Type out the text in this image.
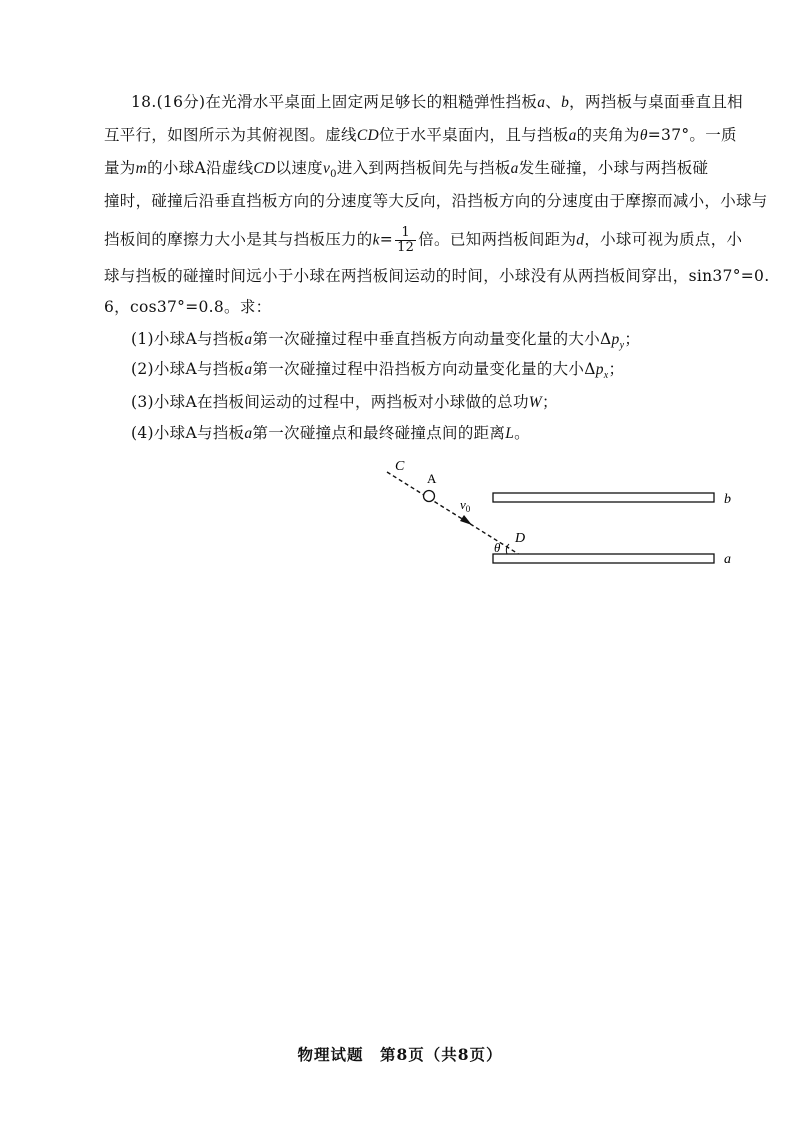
18.(16分)在光滑水平桌面上固定两足够长的粗糙弹性挡板a、b，两挡板与桌面垂直且相
互平行，如图所示为其俯视图。虚线CD位于水平桌面内，且与挡板a的夹角为θ=37°。一质
量为m的小球A沿虚线CD以速度$v_0$进入到两挡板间先与挡板a发生碰撞，小球与两挡板碰
撞时，碰撞后沿垂直挡板方向的分速度等大反向，沿挡板方向的分速度由于摩擦而减小，小球与
挡板间的摩擦力大小是其与挡板压力的$k= \frac{1}{12}$ 倍。已知两挡板间距为d，小球可视为质点，小
球与挡板的碰撞时间远小于小球在两挡板间运动的时间，小球没有从两挡板间穿出，sin37°=0.
6，cos37°=0.8。求：
(1)小球A与挡板a第一次碰撞过程中垂直挡板方向动量变化量的大小$\Delta p_y$；
(2)小球A与挡板a第一次碰撞过程中沿挡板方向动量变化量的大小$\Delta p_x$；
(3)小球A在挡板间运动的过程中，两挡板对小球做的总功W；
(4)小球A与挡板a第一次碰撞点和最终碰撞点间的距离L。
C
A
$v_0$
θ
D
b
a
物理试题　第8页（共8页）
